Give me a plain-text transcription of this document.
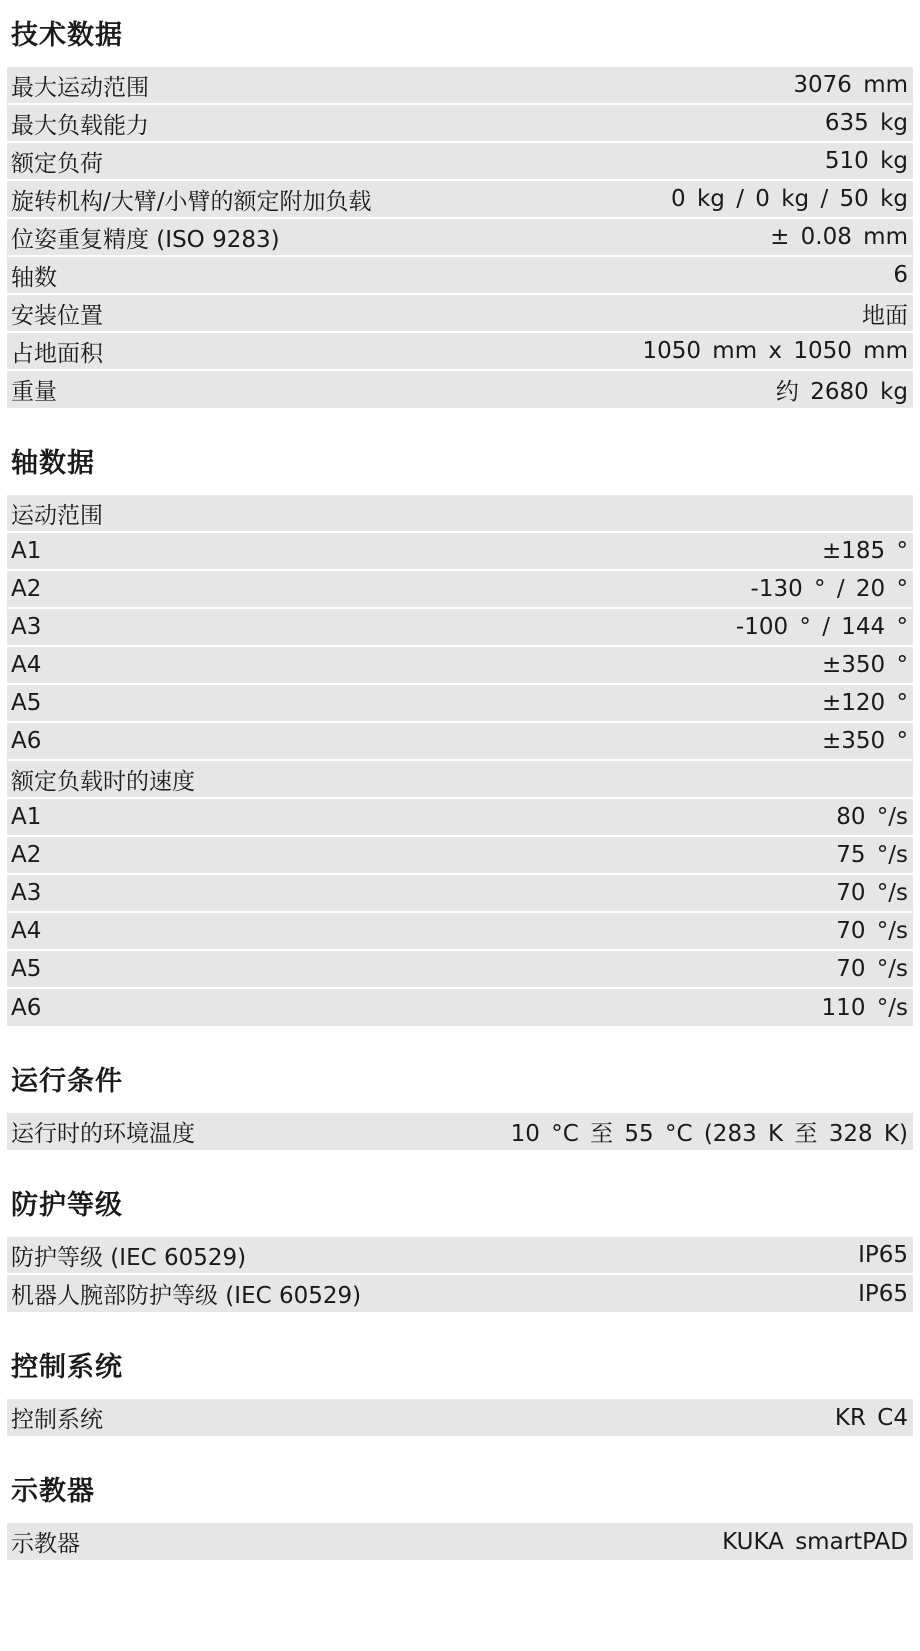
技术数据
最大运动范围	3076 mm
最大负载能力	635 kg
额定负荷	510 kg
旋转机构/大臂/小臂的额定附加负载	0 kg / 0 kg / 50 kg
位姿重复精度 (ISO 9283)	± 0.08 mm
轴数	6
安装位置	地面
占地面积	1050 mm x 1050 mm
重量	约 2680 kg
轴数据
运动范围
A1	±185 °
A2	-130 ° / 20 °
A3	-100 ° / 144 °
A4	±350 °
A5	±120 °
A6	±350 °
额定负载时的速度
A1	80 °/s
A2	75 °/s
A3	70 °/s
A4	70 °/s
A5	70 °/s
A6	110 °/s
运行条件
运行时的环境温度	10 °C 至 55 °C (283 K 至 328 K)
防护等级
防护等级 (IEC 60529)	IP65
机器人腕部防护等级 (IEC 60529)	IP65
控制系统
控制系统	KR C4
示教器
示教器	KUKA smartPAD
